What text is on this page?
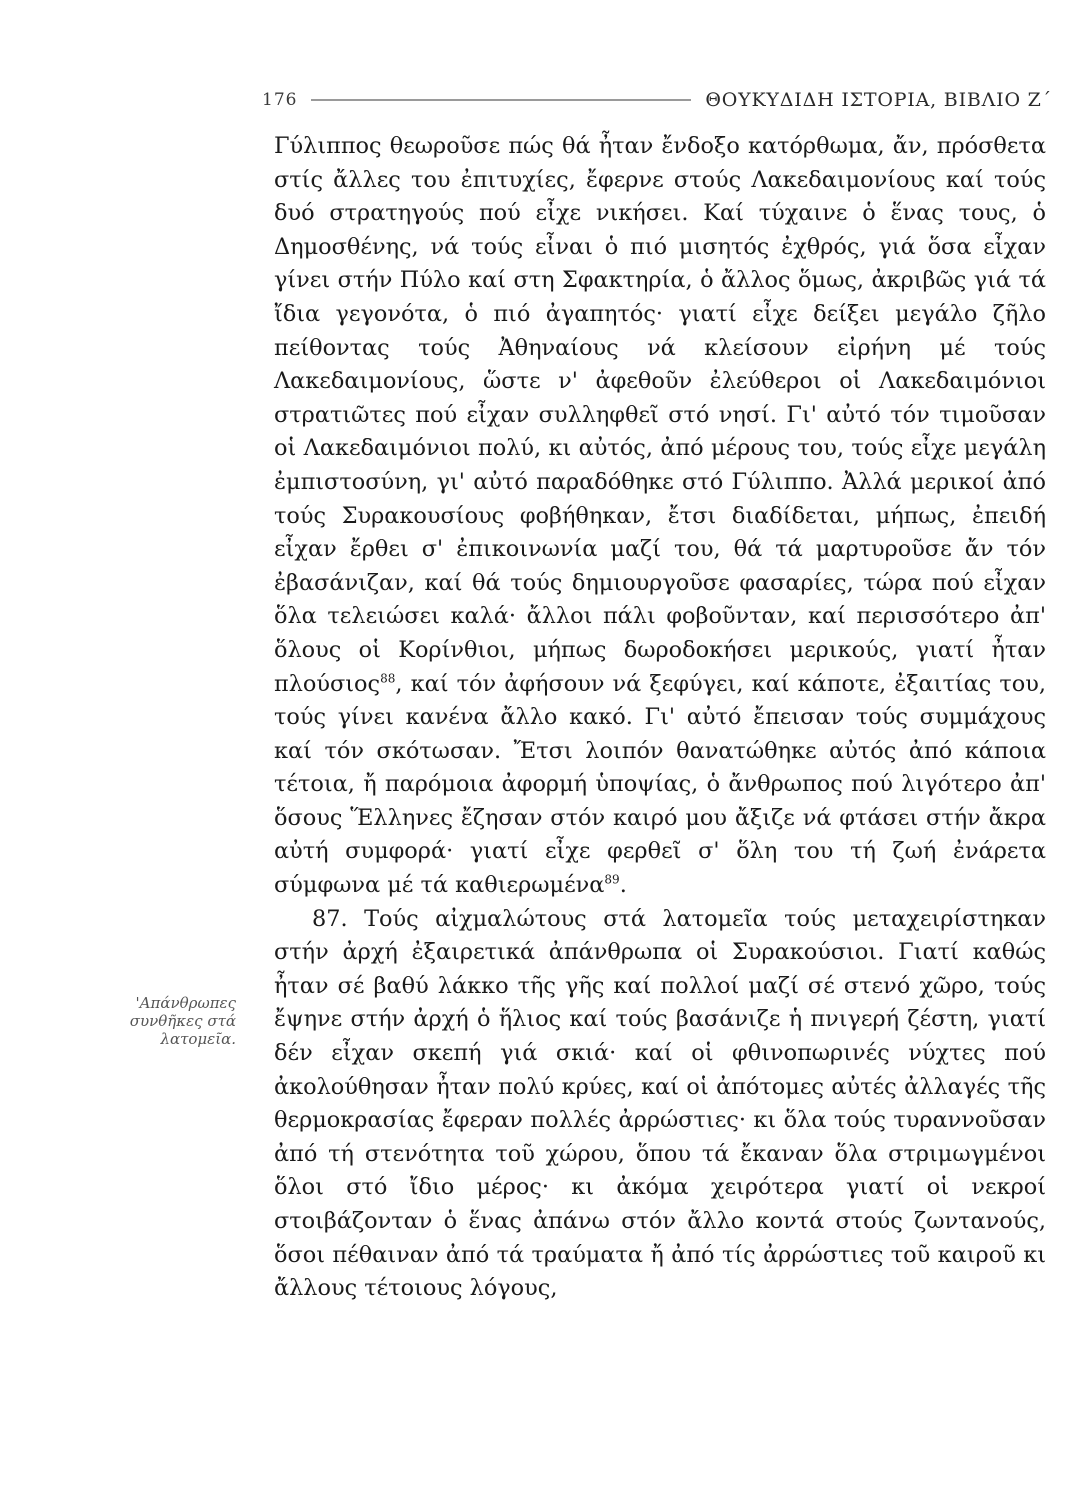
176	ΘΟΥΚΥΔΙΔΗ ΙΣΤΟΡΙΑ, ΒΙΒΛΙΟ Ζ΄
'Απάνθρωπες συνθῆκες στά λατομεῖα.

Γύλιππος θεωροῦσε πώς θά ἦταν ἔνδοξο κατόρθωμα, ἄν, πρόσθετα στίς ἄλλες του ἐπιτυχίες, ἔφερνε στούς Λακεδαιμονίους καί τούς δυό στρατηγούς πού εἶχε νικήσει. Καί τύχαινε ὁ ἕνας τους, ὁ Δημοσθένης, νά τούς εἶναι ὁ πιό μισητός ἐχθρός, γιά ὅσα εἶχαν γίνει στήν Πύλο καί στη Σφακτηρία, ὁ ἄλλος ὅμως, ἀκριβῶς γιά τά ἴδια γεγονότα, ὁ πιό ἀγαπητός· γιατί εἶχε δείξει μεγάλο ζῆλο πείθοντας τούς Ἀθηναίους νά κλείσουν εἰρήνη μέ τούς Λακεδαιμονίους, ὥστε ν' ἀφεθοῦν ἐλεύθεροι οἱ Λακεδαιμόνιοι στρατιῶτες πού εἶχαν συλληφθεῖ στό νησί. Γι' αὐτό τόν τιμοῦσαν οἱ Λακεδαιμόνιοι πολύ, κι αὐτός, ἀπό μέρους του, τούς εἶχε μεγάλη ἐμπιστοσύνη, γι' αὐτό παραδόθηκε στό Γύλιππο. Ἀλλά μερικοί ἀπό τούς Συρακουσίους φοβήθηκαν, ἔτσι διαδίδεται, μήπως, ἐπειδή εἶχαν ἔρθει σ' ἐπικοινωνία μαζί του, θά τά μαρτυροῦσε ἄν τόν ἐβασάνιζαν, καί θά τούς δημιουργοῦσε φασαρίες, τώρα πού εἶχαν ὅλα τελειώσει καλά· ἄλλοι πάλι φοβοῦνταν, καί περισσότερο ἀπ' ὅλους οἱ Κορίνθιοι, μήπως δωροδοκήσει μερικούς, γιατί ἦταν πλούσιος$^{88}$, καί τόν ἀφήσουν νά ξεφύγει, καί κάποτε, ἐξαιτίας του, τούς γίνει κανένα ἄλλο κακό. Γι' αὐτό ἔπεισαν τούς συμμάχους καί τόν σκότωσαν. Ἔτσι λοιπόν θανατώθηκε αὐτός ἀπό κάποια τέτοια, ἤ παρόμοια ἀφορμή ὑποψίας, ὁ ἄνθρωπος πού λιγότερο ἀπ' ὅσους Ἕλληνες ἔζησαν στόν καιρό μου ἄξιζε νά φτάσει στήν ἄκρα αὐτή συμφορά· γιατί εἶχε φερθεῖ σ' ὅλη του τή ζωή ἐνάρετα σύμφωνα μέ τά καθιερωμένα$^{89}$.

87. Τούς αἰχμαλώτους στά λατομεῖα τούς μεταχειρίστηκαν στήν ἀρχή ἐξαιρετικά ἀπάνθρωπα οἱ Συρακούσιοι. Γιατί καθώς ἦταν σέ βαθύ λάκκο τῆς γῆς καί πολλοί μαζί σέ στενό χῶρο, τούς ἔψηνε στήν ἀρχή ὁ ἥλιος καί τούς βασάνιζε ἡ πνιγερή ζέστη, γιατί δέν εἶχαν σκεπή γιά σκιά· καί οἱ φθινοπωρινές νύχτες πού ἀκολούθησαν ἦταν πολύ κρύες, καί οἱ ἀπότομες αὐτές ἀλλαγές τῆς θερμοκρασίας ἔφεραν πολλές ἀρρώστιες· κι ὅλα τούς τυραννοῦσαν ἀπό τή στενότητα τοῦ χώρου, ὅπου τά ἔκαναν ὅλα στριμωγμένοι ὅλοι στό ἴδιο μέρος· κι ἀκόμα χειρότερα γιατί οἱ νεκροί στοιβάζονταν ὁ ἕνας ἀπάνω στόν ἄλλο κοντά στούς ζωντανούς, ὅσοι πέθαιναν ἀπό τά τραύματα ἤ ἀπό τίς ἀρρώστιες τοῦ καιροῦ κι ἄλλους τέτοιους λόγους,
